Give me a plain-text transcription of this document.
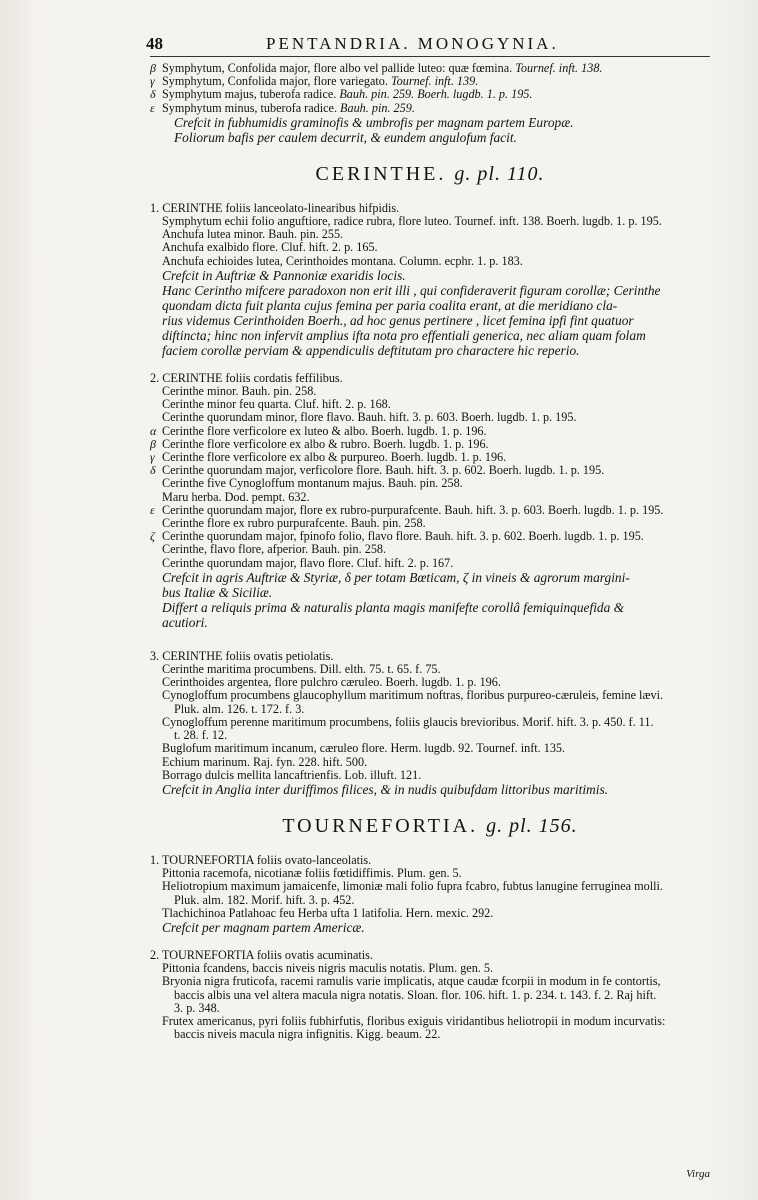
48	PENTANDRIA. MONOGYNIA.
β Symphytum, Confolida major, flore albo vel pallide luteo: quæ fœmina. Tournef. inft. 138.
γ Symphytum, Confolida major, flore variegato. Tournef. inft. 139.
δ Symphytum majus, tuberofa radice. Bauh. pin. 259. Boerh. lugdb. 1. p. 195.
ε Symphytum minus, tuberofa radice. Bauh. pin. 259.
Crefcit in fubhumidis graminofis & umbrofis per magnam partem Europæ.
Foliorum bafis per caulem decurrit, & eundem angulofum facit.
CERINTHE. g. pl. 110.
1. CERINTHE foliis lanceolato-linearibus hifpidis.
Symphytum echii folio anguftiore, radice rubra, flore luteo. Tournef. inft. 138. Boerh. lugdb. 1. p. 195.
Anchufa lutea minor. Bauh. pin. 255.
Anchufa exalbido flore. Cluf. hift. 2. p. 165.
Anchufa echioides lutea, Cerinthoides montana. Column. ecphr. 1. p. 183.
Crefcit in Auftriæ & Pannoniæ exaridis locis.
Hanc Cerintho mifcere paradoxon non erit illi , qui confideraverit figuram corollæ; Cerinthe
quondam dicta fuit planta cujus femina per paria coalita erant, at die meridiano cla-
rius videmus Cerinthoiden Boerh., ad hoc genus pertinere , licet femina ipfi fint quatuor
diftincta; hinc non infervit amplius ifta nota pro effentiali generica, nec aliam quam folam
faciem corollæ perviam & appendiculis deftitutam pro charactere hic reperio.
2. CERINTHE foliis cordatis feffilibus.
Cerinthe minor. Bauh. pin. 258.
Cerinthe minor feu quarta. Cluf. hift. 2. p. 168.
Cerinthe quorundam minor, flore flavo. Bauh. hift. 3. p. 603. Boerh. lugdb. 1. p. 195.
α Cerinthe flore verficolore ex luteo & albo. Boerh. lugdb. 1. p. 196.
β Cerinthe flore verficolore ex albo & rubro. Boerh. lugdb. 1. p. 196.
γ Cerinthe flore verficolore ex albo & purpureo. Boerh. lugdb. 1. p. 196.
δ Cerinthe quorundam major, verficolore flore. Bauh. hift. 3. p. 602. Boerh. lugdb. 1. p. 195.
Cerinthe five Cynogloffum montanum majus. Bauh. pin. 258.
Maru herba. Dod. pempt. 632.
ε Cerinthe quorundam major, flore ex rubro-purpurafcente. Bauh. hift. 3. p. 603. Boerh. lugdb. 1. p. 195.
Cerinthe flore ex rubro purpurafcente. Bauh. pin. 258.
ζ Cerinthe quorundam major, fpinofo folio, flavo flore. Bauh. hift. 3. p. 602. Boerh. lugdb. 1. p. 195.
Cerinthe, flavo flore, afperior. Bauh. pin. 258.
Cerinthe quorundam major, flavo flore. Cluf. hift. 2. p. 167.
Crefcit in agris Auftriæ & Styriæ, δ per totam Bœticam, ζ in vineis & agrorum margini-
bus Italiæ & Siciliæ.
Differt a reliquis prima & naturalis planta magis manifefte corollâ femiquinquefida &
acutiori.
3. CERINTHE foliis ovatis petiolatis.
Cerinthe maritima procumbens. Dill. elth. 75. t. 65. f. 75.
Cerinthoides argentea, flore pulchro cæruleo. Boerh. lugdb. 1. p. 196.
Cynogloffum procumbens glaucophyllum maritimum noftras, floribus purpureo-cæruleis, femine lævi.
Pluk. alm. 126. t. 172. f. 3.
Cynogloffum perenne maritimum procumbens, foliis glaucis brevioribus. Morif. hift. 3. p. 450. f. 11.
t. 28. f. 12.
Buglofum maritimum incanum, cæruleo flore. Herm. lugdb. 92. Tournef. inft. 135.
Echium marinum. Raj. fyn. 228. hift. 500.
Borrago dulcis mellita lancaftrienfis. Lob. illuft. 121.
Crefcit in Anglia inter duriffimos filices, & in nudis quibufdam littoribus maritimis.
TOURNEFORTIA. g. pl. 156.
1. TOURNEFORTIA foliis ovato-lanceolatis.
Pittonia racemofa, nicotianæ foliis fœtidiffimis. Plum. gen. 5.
Heliotropium maximum jamaicenfe, limoniæ mali folio fupra fcabro, fubtus lanugine ferruginea molli.
Pluk. alm. 182. Morif. hift. 3. p. 452.
Tlachichinoa Patlahoac feu Herba ufta 1 latifolia. Hern. mexic. 292.
Crefcit per magnam partem Americæ.
2. TOURNEFORTIA foliis ovatis acuminatis.
Pittonia fcandens, baccis niveis nigris maculis notatis. Plum. gen. 5.
Bryonia nigra fruticofa, racemi ramulis varie implicatis, atque caudæ fcorpii in modum in fe contortis,
baccis albis una vel altera macula nigra notatis. Sloan. flor. 106. hift. 1. p. 234. t. 143. f. 2. Raj hift.
3. p. 348.
Frutex americanus, pyri foliis fubhirfutis, floribus exiguis viridantibus heliotropii in modum incurvatis:
baccis niveis macula nigra infignitis. Kigg. beaum. 22.
Virga
